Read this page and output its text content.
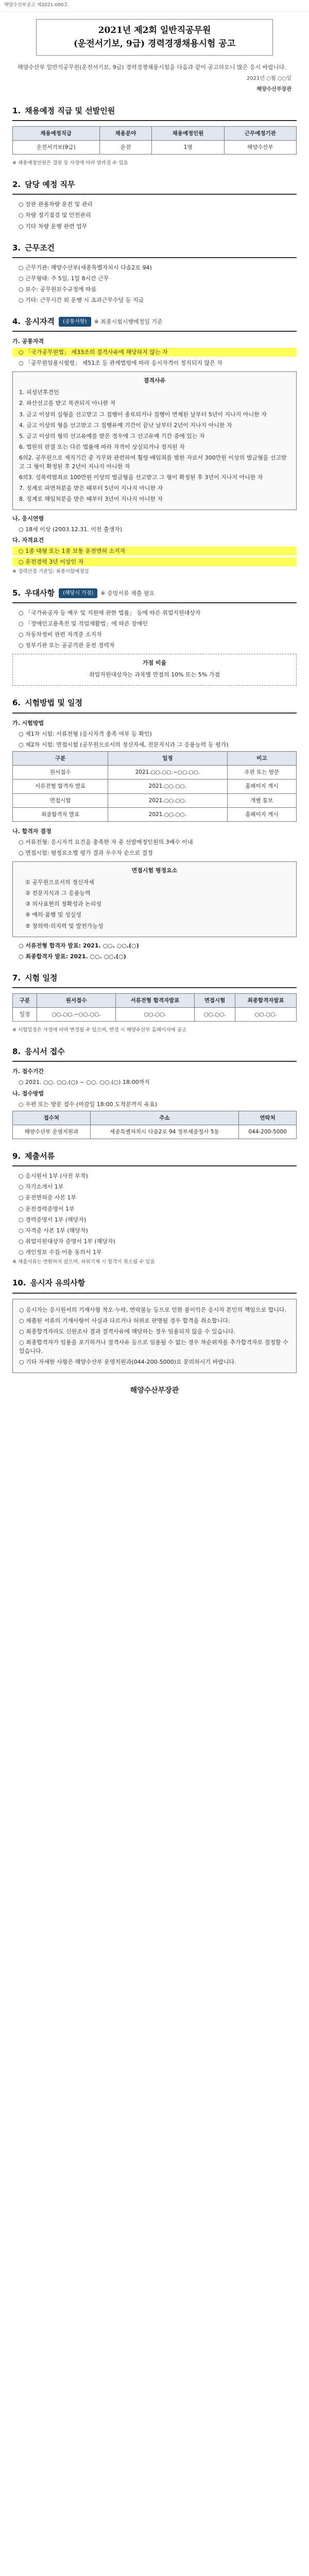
해양수산부공고 제2021-000호
2021년 제2회 일반직공무원
(운전서기보, 9급) 경력경쟁채용시험 공고
해양수산부 일반직공무원(운전서기보, 9급) 경력경쟁채용시험을 다음과 같이 공고하오니 많은 응시 바랍니다.
2021년 ○월 ○○일
해양수산부장관
1. 채용예정 직급 및 선발인원
채용예정직급	채용분야	채용예정인원	근무예정기관
운전서기보(9급)	운전	1명	해양수산부

※ 채용예정인원은 결원 등 사정에 따라 달라질 수 있음

2. 담당 예정 직무

○ 장관 관용차량 운전 및 관리

○ 차량 정기점검 및 안전관리

○ 기타 차량 운행 관련 업무

3. 근무조건

○ 근무기관: 해양수산부(세종특별자치시 다솜2로 94)

○ 근무형태: 주 5일, 1일 8시간 근무

○ 보수: 공무원보수규정에 따름

○ 기타: 근무시간 외 운행 시 초과근무수당 등 지급

4. 응시자격	(공통사항)	※ 최종시험시행예정일 기준

가. 공통자격

○ 「국가공무원법」 제33조의 결격사유에 해당하지 않는 자

○ 「공무원임용시험령」 제51조 등 관계법령에 따라 응시자격이 정지되지 않은 자

결격사유

1. 피성년후견인

2. 파산선고를 받고 복권되지 아니한 자

3. 금고 이상의 실형을 선고받고 그 집행이 종료되거나 집행이 면제된 날부터 5년이 지나지 아니한 자

4. 금고 이상의 형을 선고받고 그 집행유예 기간이 끝난 날부터 2년이 지나지 아니한 자

5. 금고 이상의 형의 선고유예를 받은 경우에 그 선고유예 기간 중에 있는 자

6. 법원의 판결 또는 다른 법률에 따라 자격이 상실되거나 정지된 자

6의2. 공무원으로 재직기간 중 직무와 관련하여 횡령·배임죄를 범한 자로서 300만원 이상의 벌금형을 선고받고 그 형이 확정된 후 2년이 지나지 아니한 자

6의3. 성폭력범죄로 100만원 이상의 벌금형을 선고받고 그 형이 확정된 후 3년이 지나지 아니한 자

7. 징계로 파면처분을 받은 때부터 5년이 지나지 아니한 자

8. 징계로 해임처분을 받은 때부터 3년이 지나지 아니한 자

나. 응시연령

○ 18세 이상 (2003.12.31. 이전 출생자)

다. 자격요건

○ 1종 대형 또는 1종 보통 운전면허 소지자

○ 운전경력 3년 이상인 자

※ 경력산정 기준일: 최종시험예정일

5. 우대사항	(해당시 가점)	※ 증빙서류 제출 필요

○ 「국가유공자 등 예우 및 지원에 관한 법률」 등에 따른 취업지원대상자

○ 「장애인고용촉진 및 직업재활법」에 따른 장애인

○ 자동차정비 관련 자격증 소지자

○ 정부기관 또는 공공기관 운전 경력자

가점 비율

취업지원대상자는 과목별 만점의 10% 또는 5% 가점

6. 시험방법 및 일정

가. 시험방법

○ 제1차 시험: 서류전형 (응시자격 충족 여부 등 확인)

○ 제2차 시험: 면접시험 (공무원으로서의 정신자세, 전문지식과 그 응용능력 등 평가)

구분	일정	비고
원서접수	2021.○○.○○.~○○.○○.	우편 또는 방문
서류전형 합격자 발표	2021.○○.○○.	홈페이지 게시
면접시험	2021.○○.○○.	개별 통보
최종합격자 발표	2021.○○.○○.	홈페이지 게시

나. 합격자 결정

○ 서류전형: 응시자격 요건을 충족한 자 중 선발예정인원의 3배수 이내

○ 면접시험: 평정요소별 평가 결과 우수자 순으로 결정

면접시험 평정요소

① 공무원으로서의 정신자세

② 전문지식과 그 응용능력

③ 의사표현의 정확성과 논리성

④ 예의·품행 및 성실성

⑤ 창의력·의지력 및 발전가능성

○ 서류전형 합격자 발표: 2021. ○○. ○○.(○)

○ 최종합격자 발표: 2021. ○○. ○○.(○)

7. 시험 일정
구분	원서접수	서류전형 합격자발표	면접시험	최종합격자발표
일정	○○.○○.~○○.○○.	○○.○○.	○○.○○.	○○.○○.

※ 시험일정은 사정에 따라 변경될 수 있으며, 변경 시 해양수산부 홈페이지에 공고

8. 응시서 접수

가. 접수기간

○ 2021. ○○. ○○.(○) ~ ○○. ○○.(○) 18:00까지

나. 접수방법

○ 우편 또는 방문 접수 (마감일 18:00 도착분까지 유효)

접수처	주소	연락처
해양수산부 운영지원과	세종특별자치시 다솜2로 94 정부세종청사 5동	044-200-5000
9. 제출서류

○ 응시원서 1부 (사진 부착)

○ 자기소개서 1부

○ 운전면허증 사본 1부

○ 운전경력증명서 1부

○ 경력증명서 1부 (해당자)

○ 자격증 사본 1부 (해당자)

○ 취업지원대상자 증명서 1부 (해당자)

○ 개인정보 수집·이용 동의서 1부

※ 제출서류는 반환하지 않으며, 허위기재 시 합격이 취소될 수 있음

10. 응시자 유의사항

○ 응시자는 응시원서의 기재사항 착오·누락, 연락불능 등으로 인한 불이익은 응시자 본인의 책임으로 합니다.

○ 제출된 서류의 기재사항이 사실과 다르거나 허위로 판명될 경우 합격을 취소합니다.

○ 최종합격자라도 신원조사 결과 결격사유에 해당하는 경우 임용되지 않을 수 있습니다.

○ 최종합격자가 임용을 포기하거나 결격사유 등으로 임용될 수 없는 경우 차순위자를 추가합격자로 결정할 수 있습니다.

○ 기타 자세한 사항은 해양수산부 운영지원과(044-200-5000)로 문의하시기 바랍니다.

해양수산부장관
